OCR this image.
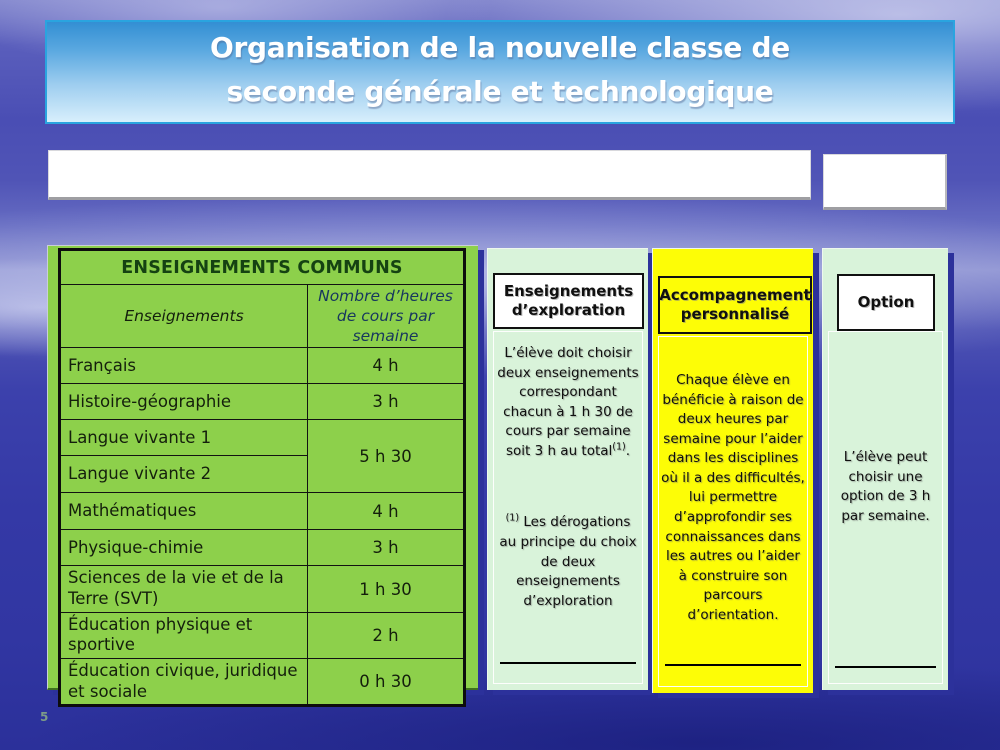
Organisation de la nouvelle classe de
seconde générale et technologique
ENSEIGNEMENTS COMMUNS	
Enseignements	Nombre d’heures de cours par semaine
Français	4 h
Histoire-géographie	3 h
Langue vivante 1	5 h 30
Langue vivante 2	
Mathématiques	4 h
Physique-chimie	3 h
Sciences de la vie et de la Terre (SVT)	1 h 30
Éducation physique et sportive	2 h
Éducation civique, juridique et sociale	0 h 30
Enseignements d’exploration
L’élève doit choisir deux enseignements correspondant chacun à 1 h 30 de cours par semaine
soit 3 h au total$^{(1)}$.
$^{(1)}$ Les dérogations au principe du choix de deux enseignements d’exploration
Accompagnement personnalisé
Chaque élève en bénéficie à raison de deux heures par semaine pour l’aider dans les disciplines où il a des difficultés, lui permettre d’approfondir ses connaissances dans les autres ou l’aider à construire son parcours d’orientation.
Option
L’élève peut choisir une option de 3 h par semaine.
5
